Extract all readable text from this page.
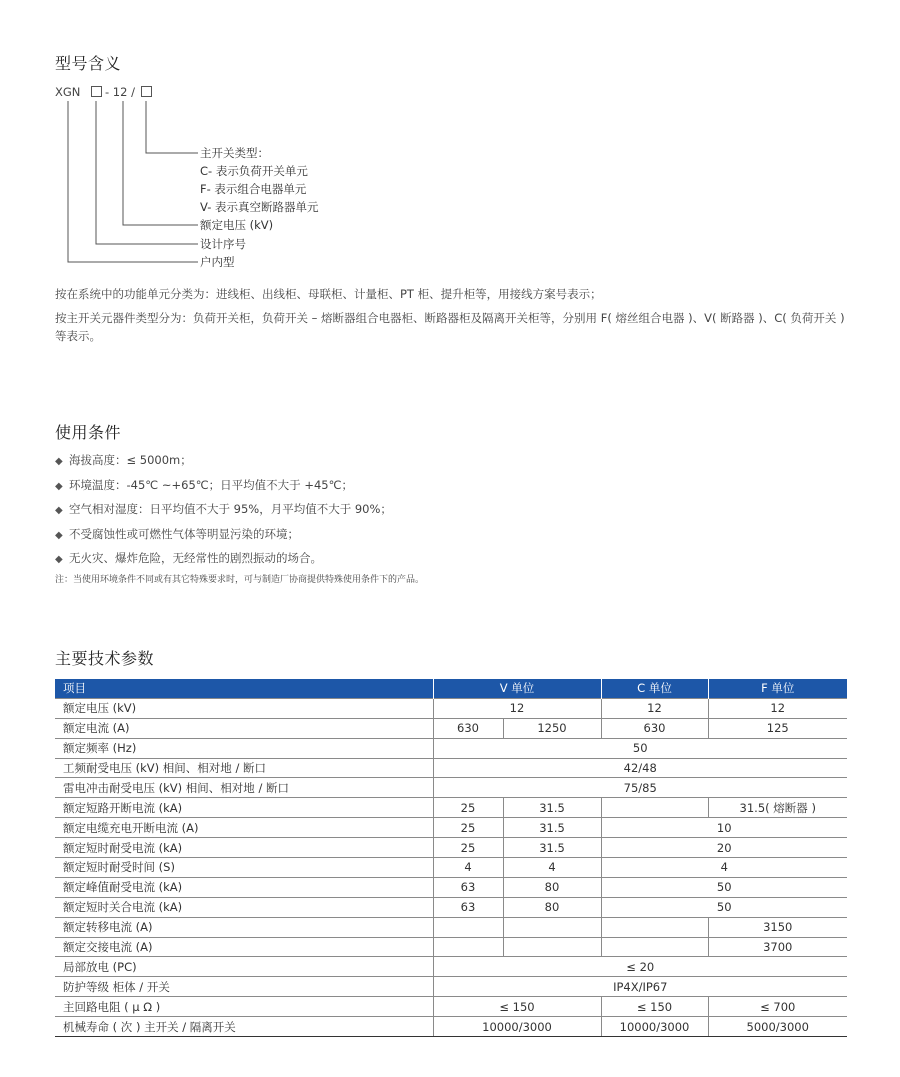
型号含义
XGN - 12 /
主开关类型：
C- 表示负荷开关单元
F- 表示组合电器单元
V- 表示真空断路器单元
额定电压 (kV)
设计序号
户内型

按在系统中的功能单元分类为：进线柜、出线柜、母联柜、计量柜、PT 柜、提升柜等，用接线方案号表示；

按主开关元器件类型分为：负荷开关柜，负荷开关 – 熔断器组合电器柜、断路器柜及隔离开关柜等，分别用 F( 熔丝组合电器 )、V( 断路器 )、C( 负荷开关 )

等表示。

使用条件

◆ 海拔高度：≤ 5000m；

◆ 环境温度：-45℃ ~+65℃；日平均值不大于 +45℃；

◆ 空气相对湿度：日平均值不大于 95%，月平均值不大于 90%；

◆ 不受腐蚀性或可燃性气体等明显污染的环境；

◆ 无火灾、爆炸危险，无经常性的剧烈振动的场合。

注：当使用环境条件不同或有其它特殊要求时，可与制造厂协商提供特殊使用条件下的产品。

主要技术参数
项目	V 单位		C 单位	F 单位
额定电压 (kV)	12		12	12
额定电流 (A)	630	1250	630	125
额定频率 (Hz)	50			
工频耐受电压 (kV) 相间、相对地 / 断口	42/48			
雷电冲击耐受电压 (kV) 相间、相对地 / 断口	75/85			
额定短路开断电流 (kA)	25	31.5		31.5( 熔断器 )
额定电缆充电开断电流 (A)	25	31.5	10	
额定短时耐受电流 (kA)	25	31.5	20	
额定短时耐受时间 (S)	4	4	4	
额定峰值耐受电流 (kA)	63	80	50	
额定短时关合电流 (kA)	63	80	50	
额定转移电流 (A)				3150
额定交接电流 (A)				3700
局部放电 (PC)	≤ 20			
防护等级 柜体 / 开关	IP4X/IP67			
主回路电阻 ( μ Ω )	≤ 150		≤ 150	≤ 700
机械寿命 ( 次 ) 主开关 / 隔离开关	10000/3000		10000/3000	5000/3000
